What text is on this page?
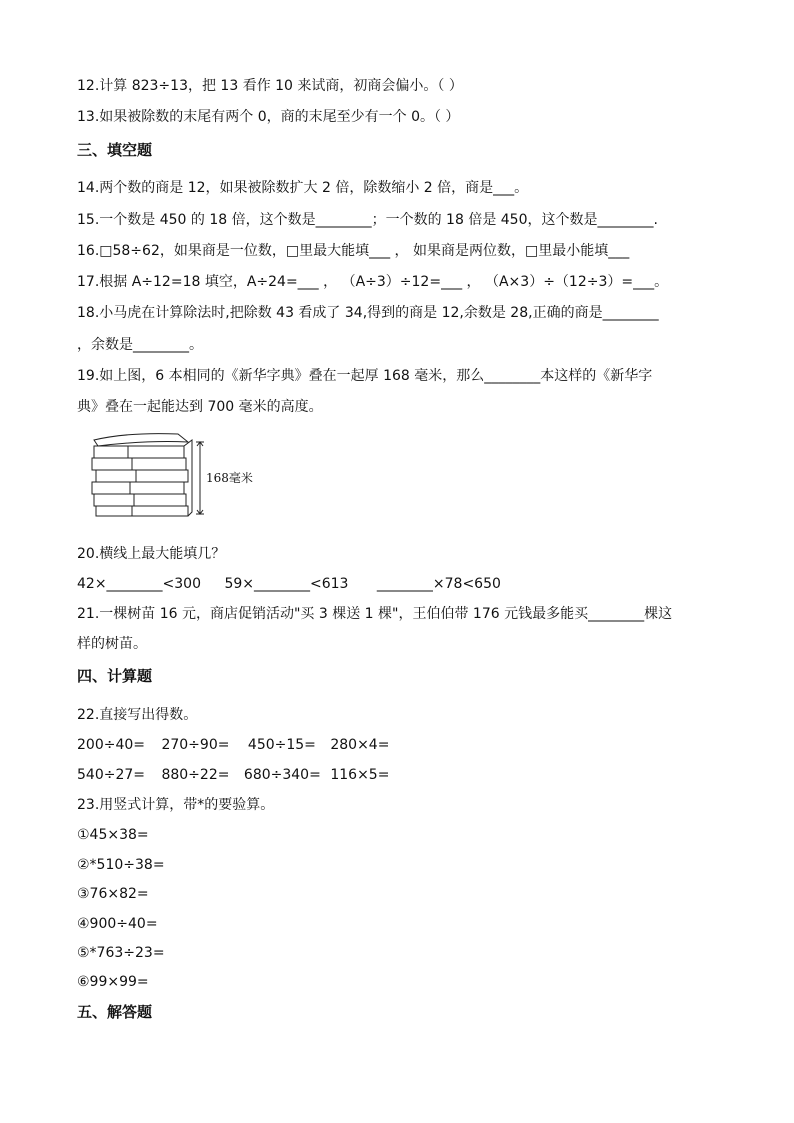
12.计算 823÷13，把 13 看作 10 来试商，初商会偏小。（ ）
13.如果被除数的末尾有两个 0，商的末尾至少有一个 0。（ ）
三、填空题
14.两个数的商是 12，如果被除数扩大 2 倍，除数缩小 2 倍，商是___。
15.一个数是 450 的 18 倍，这个数是________；一个数的 18 倍是 450，这个数是________.
16.□58÷62，如果商是一位数，□里最大能填___ ， 如果商是两位数，□里最小能填___
17.根据 A÷12=18 填空，A÷24=___ ， （A÷3）÷12=___ ， （A×3）÷（12÷3）=___。
18.小马虎在计算除法时,把除数 43 看成了 34,得到的商是 12,余数是 28,正确的商是________
，余数是________。
19.如上图，6 本相同的《新华字典》叠在一起厚 168 毫米，那么________本这样的《新华字
典》叠在一起能达到 700 毫米的高度。
168毫米
20.横线上最大能填几？
42×________<300 59×________<613 ________×78<650
21.一棵树苗 16 元，商店促销活动"买 3 棵送 1 棵"，王伯伯带 176 元钱最多能买________棵这
样的树苗。
四、计算题
22.直接写出得数。
200÷40= 270÷90= 450÷15= 280×4=
540÷27= 880÷22= 680÷340= 116×5=
23.用竖式计算，带*的要验算。
①45×38=
②*510÷38=
③76×82=
④900÷40=
⑤*763÷23=
⑥99×99=
五、解答题
